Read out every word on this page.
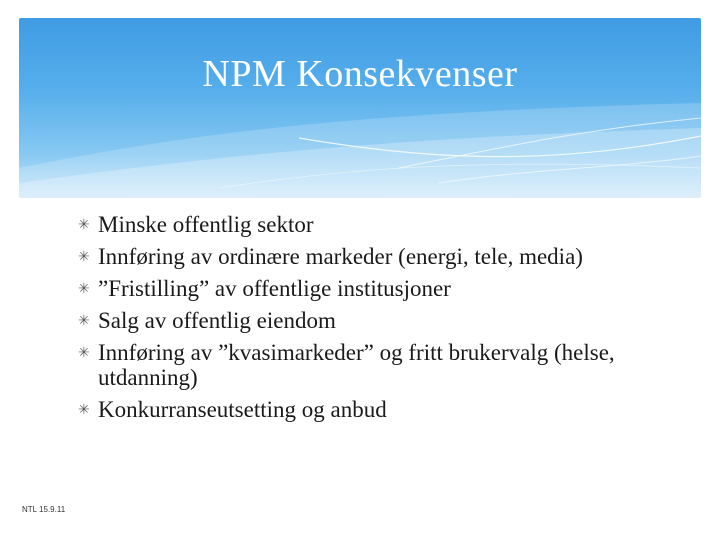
NPM Konsekvenser
✳ Minske offentlig sektor
✳ Innføring av ordinære markeder (energi, tele, media)
✳ ”Fristilling” av offentlige institusjoner
✳ Salg av offentlig eiendom
✳ Innføring av ”kvasimarkeder” og fritt brukervalg (helse, utdanning)
✳ Konkurranseutsetting og anbud
NTL 15.9.11
